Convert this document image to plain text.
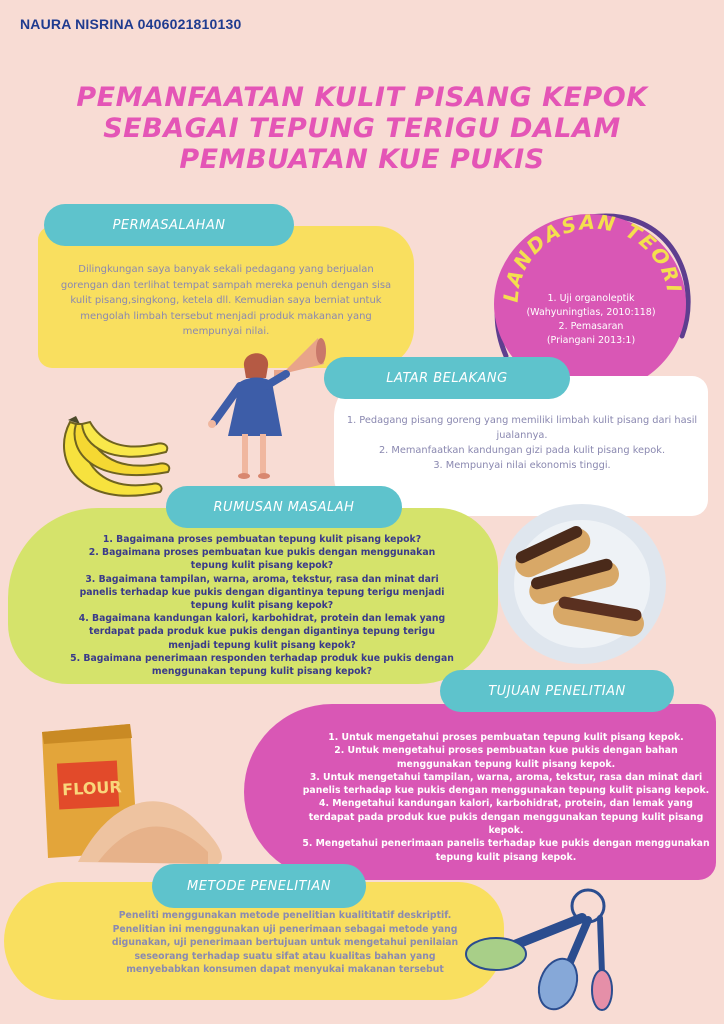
NAURA NISRINA 0406021810130
PEMANFAATAN KULIT PISANG KEPOK
SEBAGAI TEPUNG TERIGU DALAM
PEMBUATAN KUE PUKIS
PERMASALAHAN
Dilingkungan saya banyak sekali pedagang yang berjualan gorengan dan terlihat tempat sampah mereka penuh dengan sisa kulit pisang,singkong, ketela dll. Kemudian saya berniat untuk mengolah limbah tersebut menjadi produk makanan yang mempunyai nilai.
LANDASAN TEORI
1. Uji organoleptik
(Wahyuningtias, 2010:118)
2. Pemasaran
(Priangani 2013:1)
LATAR BELAKANG
1. Pedagang pisang goreng yang memiliki limbah kulit pisang dari hasil jualannya.
2. Memanfaatkan kandungan gizi pada kulit pisang kepok.
3. Mempunyai nilai ekonomis tinggi.
RUMUSAN MASALAH
1. Bagaimana proses pembuatan tepung kulit pisang kepok?
2. Bagaimana proses pembuatan kue pukis dengan menggunakan tepung kulit pisang kepok?
3. Bagaimana tampilan, warna, aroma, tekstur, rasa dan minat dari panelis terhadap kue pukis dengan digantinya tepung terigu menjadi tepung kulit pisang kepok?
4. Bagaimana kandungan kalori, karbohidrat, protein dan lemak yang terdapat pada produk kue pukis dengan digantinya tepung terigu menjadi tepung kulit pisang kepok?
5. Bagaimana penerimaan responden terhadap produk kue pukis dengan menggunakan tepung kulit pisang kepok?
TUJUAN PENELITIAN
1. Untuk mengetahui proses pembuatan tepung kulit pisang kepok.
2. Untuk mengetahui proses pembuatan kue pukis dengan bahan menggunakan tepung kulit pisang kepok.
3. Untuk mengetahui tampilan, warna, aroma, tekstur, rasa dan minat dari panelis terhadap kue pukis dengan menggunakan tepung kulit pisang kepok.
4. Mengetahui kandungan kalori, karbohidrat, protein, dan lemak yang terdapat pada produk kue pukis dengan menggunakan tepung kulit pisang kepok.
5. Mengetahui penerimaan panelis terhadap kue pukis dengan menggunakan tepung kulit pisang kepok.
FLOUR
METODE PENELITIAN
Peneliti menggunakan metode penelitian kualititatif deskriptif. Penelitian ini menggunakan uji penerimaan sebagai metode yang digunakan, uji penerimaan bertujuan untuk mengetahui penilaian seseorang terhadap suatu sifat atau kualitas bahan yang menyebabkan konsumen dapat menyukai makanan tersebut
